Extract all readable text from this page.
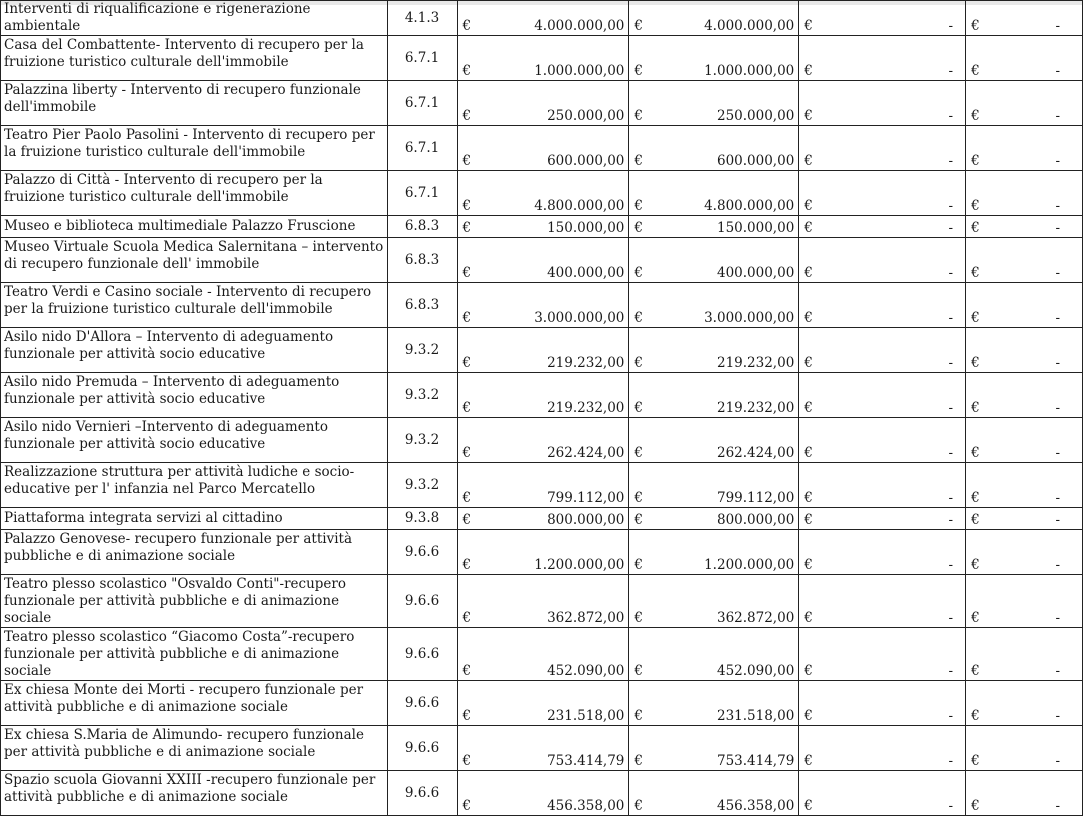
Interventi di riqualificazione e rigenerazione ambientale	4.1.3	€	4.000.000,00	€	4.000.000,00	€	-	€	-
Casa del Combattente- Intervento di recupero per la fruizione turistico culturale dell'immobile	6.7.1	€	1.000.000,00	€	1.000.000,00	€	-	€	-
Palazzina liberty - Intervento di recupero funzionale dell'immobile	6.7.1	€	250.000,00	€	250.000,00	€	-	€	-
Teatro Pier Paolo Pasolini - Intervento di recupero per la fruizione turistico culturale dell'immobile	6.7.1	€	600.000,00	€	600.000,00	€	-	€	-
Palazzo di Città - Intervento di recupero per la fruizione turistico culturale dell'immobile	6.7.1	€	4.800.000,00	€	4.800.000,00	€	-	€	-
Museo e biblioteca multimediale Palazzo Fruscione	6.8.3	€	150.000,00	€	150.000,00	€	-	€	-
Museo Virtuale Scuola Medica Salernitana – intervento di recupero funzionale dell' immobile	6.8.3	€	400.000,00	€	400.000,00	€	-	€	-
Teatro Verdi e Casino sociale - Intervento di recupero per la fruizione turistico culturale dell'immobile	6.8.3	€	3.000.000,00	€	3.000.000,00	€	-	€	-
Asilo nido D'Allora – Intervento di adeguamento funzionale per attività socio educative	9.3.2	€	219.232,00	€	219.232,00	€	-	€	-
Asilo nido Premuda – Intervento di adeguamento funzionale per attività socio educative	9.3.2	€	219.232,00	€	219.232,00	€	-	€	-
Asilo nido Vernieri –Intervento di adeguamento funzionale per attività socio educative	9.3.2	€	262.424,00	€	262.424,00	€	-	€	-
Realizzazione struttura per attività ludiche e socio-educative per l' infanzia nel Parco Mercatello	9.3.2	€	799.112,00	€	799.112,00	€	-	€	-
Piattaforma integrata servizi al cittadino	9.3.8	€	800.000,00	€	800.000,00	€	-	€	-
Palazzo Genovese- recupero funzionale per attività pubbliche e di animazione sociale	9.6.6	€	1.200.000,00	€	1.200.000,00	€	-	€	-
Teatro plesso scolastico "Osvaldo Conti"-recupero funzionale per attività pubbliche e di animazione sociale	9.6.6	€	362.872,00	€	362.872,00	€	-	€	-
Teatro plesso scolastico “Giacomo Costa”-recupero funzionale per attività pubbliche e di animazione sociale	9.6.6	€	452.090,00	€	452.090,00	€	-	€	-
Ex chiesa Monte dei Morti - recupero funzionale per attività pubbliche e di animazione sociale	9.6.6	€	231.518,00	€	231.518,00	€	-	€	-
Ex chiesa S.Maria de Alimundo- recupero funzionale per attività pubbliche e di animazione sociale	9.6.6	€	753.414,79	€	753.414,79	€	-	€	-
Spazio scuola Giovanni XXIII -recupero funzionale per attività pubbliche e di animazione sociale	9.6.6	€	456.358,00	€	456.358,00	€	-	€	-
